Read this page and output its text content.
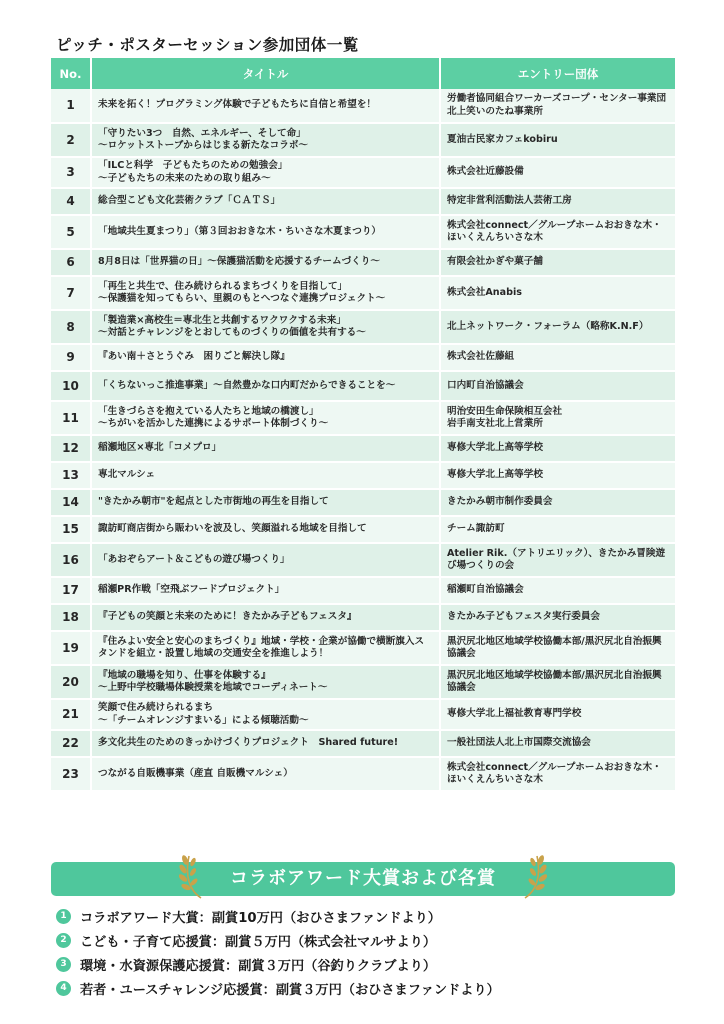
ピッチ・ポスターセッション参加団体一覧
No.	タイトル	エントリー団体
1	未来を拓く！プログラミング体験で子どもたちに自信と希望を！	労働者協同組合ワーカーズコープ・センター事業団北上笑いのたね事業所
2	「守りたい3つ　自然、エネルギー、そして命」
～ロケットストーブからはじまる新たなコラボ～	夏油古民家カフェkobiru
3	「ILCと科学　子どもたちのための勉強会」
～子どもたちの未来のための取り組み～	株式会社近藤設備
4	総合型こども文化芸術クラブ「ＣＡＴＳ」	特定非営利活動法人芸術工房
5	「地域共生夏まつり」（第３回おおきな木・ちいさな木夏まつり）	株式会社connect／グループホームおおきな木・ほいくえんちいさな木
6	8月8日は「世界猫の日」～保護猫活動を応援するチームづくり～	有限会社かぎや菓子舗
7	「再生と共生で、住み続けられるまちづくりを目指して」
～保護猫を知ってもらい、里親のもとへつなぐ連携プロジェクト～	株式会社Anabis
8	「製造業×高校生＝専北生と共創するワクワクする未来」
～対話とチャレンジをとおしてものづくりの価値を共有する～	北上ネットワーク・フォーラム（略称K.N.F）
9	『あい南＋さとうぐみ　困りごと解決し隊』	株式会社佐藤組
10	「くちないっこ推進事業」～自然豊かな口内町だからできることを～	口内町自治協議会
11	「生きづらさを抱えている人たちと地域の橋渡し」
～ちがいを活かした連携によるサポート体制づくり～	明治安田生命保険相互会社
岩手南支社北上営業所
12	稲瀬地区×専北「コメプロ」	専修大学北上高等学校
13	専北マルシェ	専修大学北上高等学校
14	"きたかみ朝市"を起点とした市街地の再生を目指して	きたかみ朝市制作委員会
15	諏訪町商店街から賑わいを波及し、笑顔溢れる地域を目指して	チーム諏訪町
16	「あおぞらアート＆こどもの遊び場つくり」	Atelier Rik.（アトリエリック）、きたかみ冒険遊び場つくりの会
17	稲瀬PR作戦「空飛ぶフードプロジェクト」	稲瀬町自治協議会
18	『子どもの笑顔と未来のために！きたかみ子どもフェスタ』	きたかみ子どもフェスタ実行委員会
19	『住みよい安全と安心のまちづくり』地域・学校・企業が協働で横断旗入スタンドを組立・設置し地域の交通安全を推進しよう！	黒沢尻北地区地域学校協働本部/黒沢尻北自治振興協議会
20	『地域の職場を知り、仕事を体験する』
～上野中学校職場体験授業を地域でコーディネート～	黒沢尻北地区地域学校協働本部/黒沢尻北自治振興協議会
21	笑顔で住み続けられるまち
～「チームオレンジすまいる」による傾聴活動～	専修大学北上福祉教育専門学校
22	多文化共生のためのきっかけづくりプロジェクト　Shared future!	一般社団法人北上市国際交流協会
23	つながる自販機事業（産直 自販機マルシェ）	株式会社connect／グループホームおおきな木・ほいくえんちいさな木
コラボアワード大賞および各賞
1	コラボアワード大賞：副賞10万円（おひさまファンドより）
2	こども・子育て応援賞：副賞５万円（株式会社マルサより）
3	環境・水資源保護応援賞：副賞３万円（谷釣りクラブより）
4	若者・ユースチャレンジ応援賞：副賞３万円（おひさまファンドより）
